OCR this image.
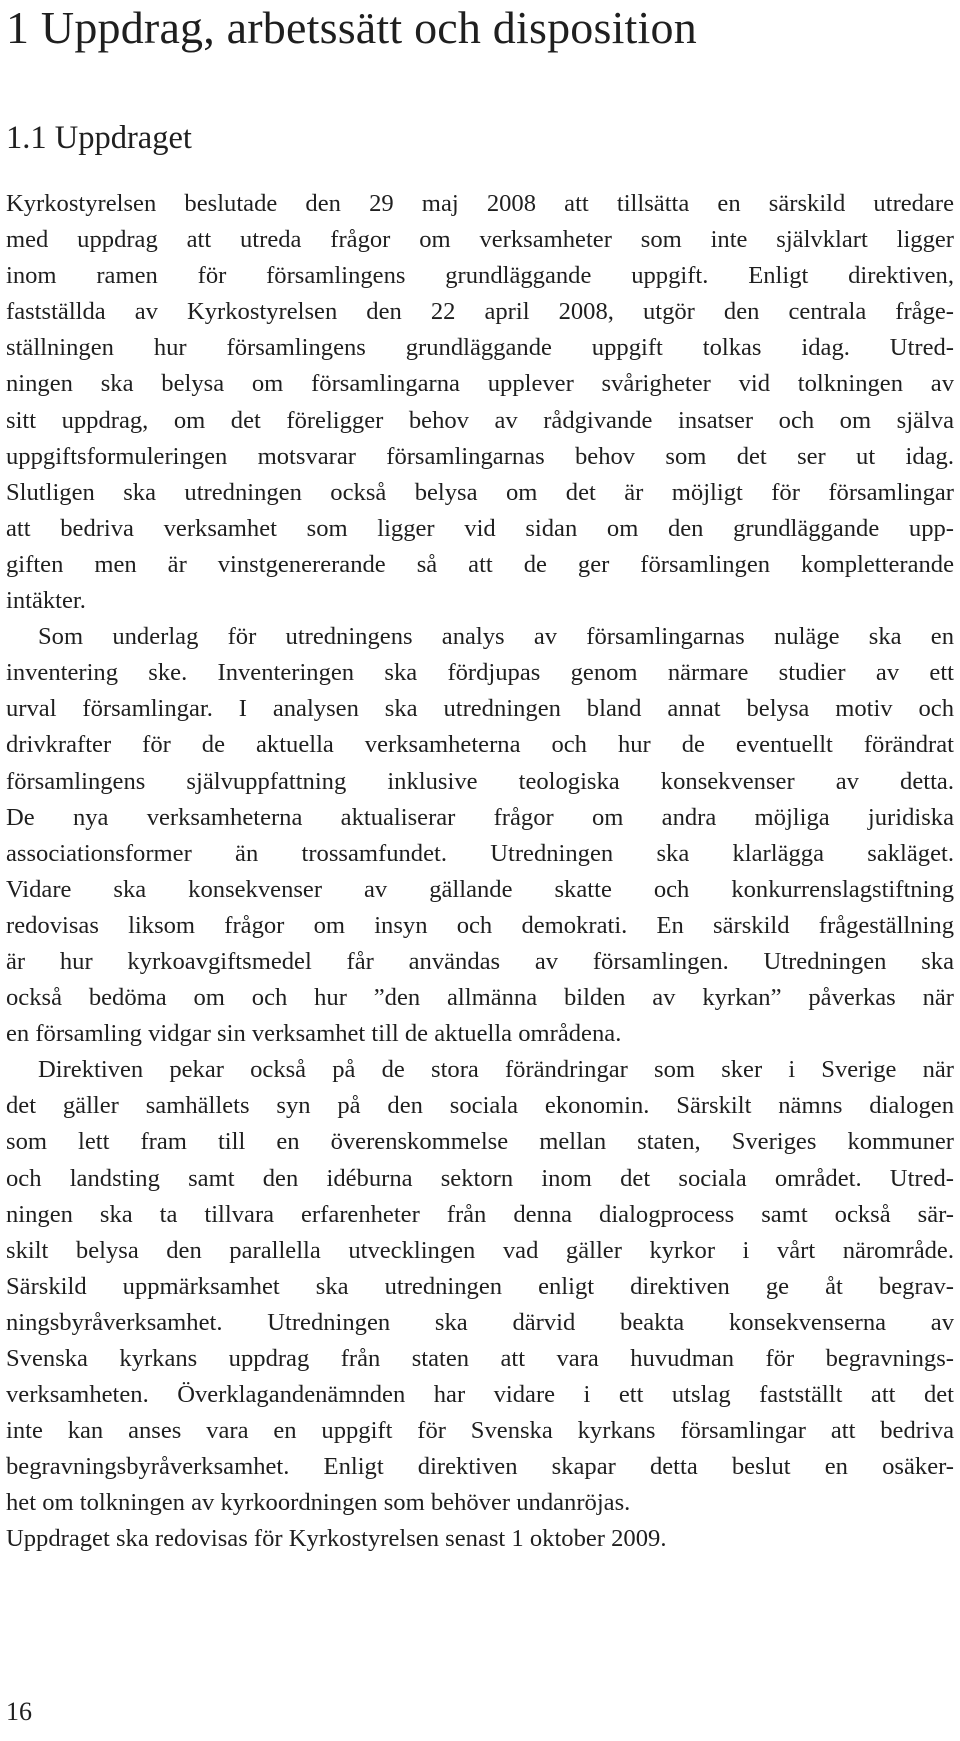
1 Uppdrag, arbetssätt och disposition
1.1 Uppdraget
Kyrkostyrelsen beslutade den 29 maj 2008 att tillsätta en särskild utredare
med uppdrag att utreda frågor om verksamheter som inte självklart ligger
inom ramen för församlingens grundläggande uppgift. Enligt direktiven,
fastställda av Kyrkostyrelsen den 22 april 2008, utgör den centrala fråge-
ställningen hur församlingens grundläggande uppgift tolkas idag. Utred-
ningen ska belysa om församlingarna upplever svårigheter vid tolkningen av
sitt uppdrag, om det föreligger behov av rådgivande insatser och om själva
uppgiftsformuleringen motsvarar församlingarnas behov som det ser ut idag.
Slutligen ska utredningen också belysa om det är möjligt för församlingar
att bedriva verksamhet som ligger vid sidan om den grundläggande upp-
giften men är vinstgenererande så att de ger församlingen kompletterande
intäkter.
Som underlag för utredningens analys av församlingarnas nuläge ska en
inventering ske. Inventeringen ska fördjupas genom närmare studier av ett
urval församlingar. I analysen ska utredningen bland annat belysa motiv och
drivkrafter för de aktuella verksamheterna och hur de eventuellt förändrat
församlingens självuppfattning inklusive teologiska konsekvenser av detta.
De nya verksamheterna aktualiserar frågor om andra möjliga juridiska
associationsformer än trossamfundet. Utredningen ska klarlägga sakläget.
Vidare ska konsekvenser av gällande skatte och konkurrenslagstiftning
redovisas liksom frågor om insyn och demokrati. En särskild frågeställning
är hur kyrkoavgiftsmedel får användas av församlingen. Utredningen ska
också bedöma om och hur ”den allmänna bilden av kyrkan” påverkas när
en församling vidgar sin verksamhet till de aktuella områdena.
Direktiven pekar också på de stora förändringar som sker i Sverige när
det gäller samhällets syn på den sociala ekonomin. Särskilt nämns dialogen
som lett fram till en överenskommelse mellan staten, Sveriges kommuner
och landsting samt den idéburna sektorn inom det sociala området. Utred-
ningen ska ta tillvara erfarenheter från denna dialogprocess samt också sär-
skilt belysa den parallella utvecklingen vad gäller kyrkor i vårt närområde.
Särskild uppmärksamhet ska utredningen enligt direktiven ge åt begrav-
ningsbyråverksamhet. Utredningen ska därvid beakta konsekvenserna av
Svenska kyrkans uppdrag från staten att vara huvudman för begravnings-
verksamheten. Överklagandenämnden har vidare i ett utslag fastställt att det
inte kan anses vara en uppgift för Svenska kyrkans församlingar att bedriva
begravningsbyråverksamhet. Enligt direktiven skapar detta beslut en osäker-
het om tolkningen av kyrkoordningen som behöver undanröjas.
Uppdraget ska redovisas för Kyrkostyrelsen senast 1 oktober 2009.
16
